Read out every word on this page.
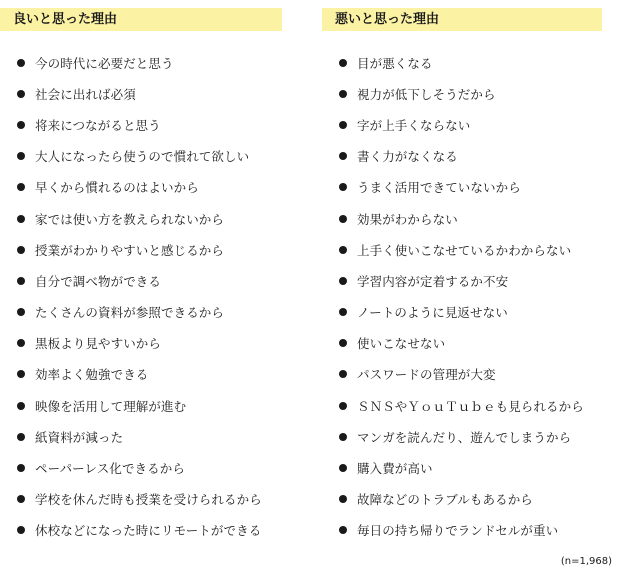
良いと思った理由
今の時代に必要だと思う
社会に出れば必須
将来につながると思う
大人になったら使うので慣れて欲しい
早くから慣れるのはよいから
家では使い方を教えられないから
授業がわかりやすいと感じるから
自分で調べ物ができる
たくさんの資料が参照できるから
黒板より見やすいから
効率よく勉強できる
映像を活用して理解が進む
紙資料が減った
ペーパーレス化できるから
学校を休んだ時も授業を受けられるから
休校などになった時にリモートができる
悪いと思った理由
目が悪くなる
視力が低下しそうだから
字が上手くならない
書く力がなくなる
うまく活用できていないから
効果がわからない
上手く使いこなせているかわからない
学習内容が定着するか不安
ノートのように見返せない
使いこなせない
パスワードの管理が大変
ＳＮＳやＹｏｕＴｕｂｅも見られるから
マンガを読んだり、遊んでしまうから
購入費が高い
故障などのトラブルもあるから
毎日の持ち帰りでランドセルが重い
(n=1,968)
